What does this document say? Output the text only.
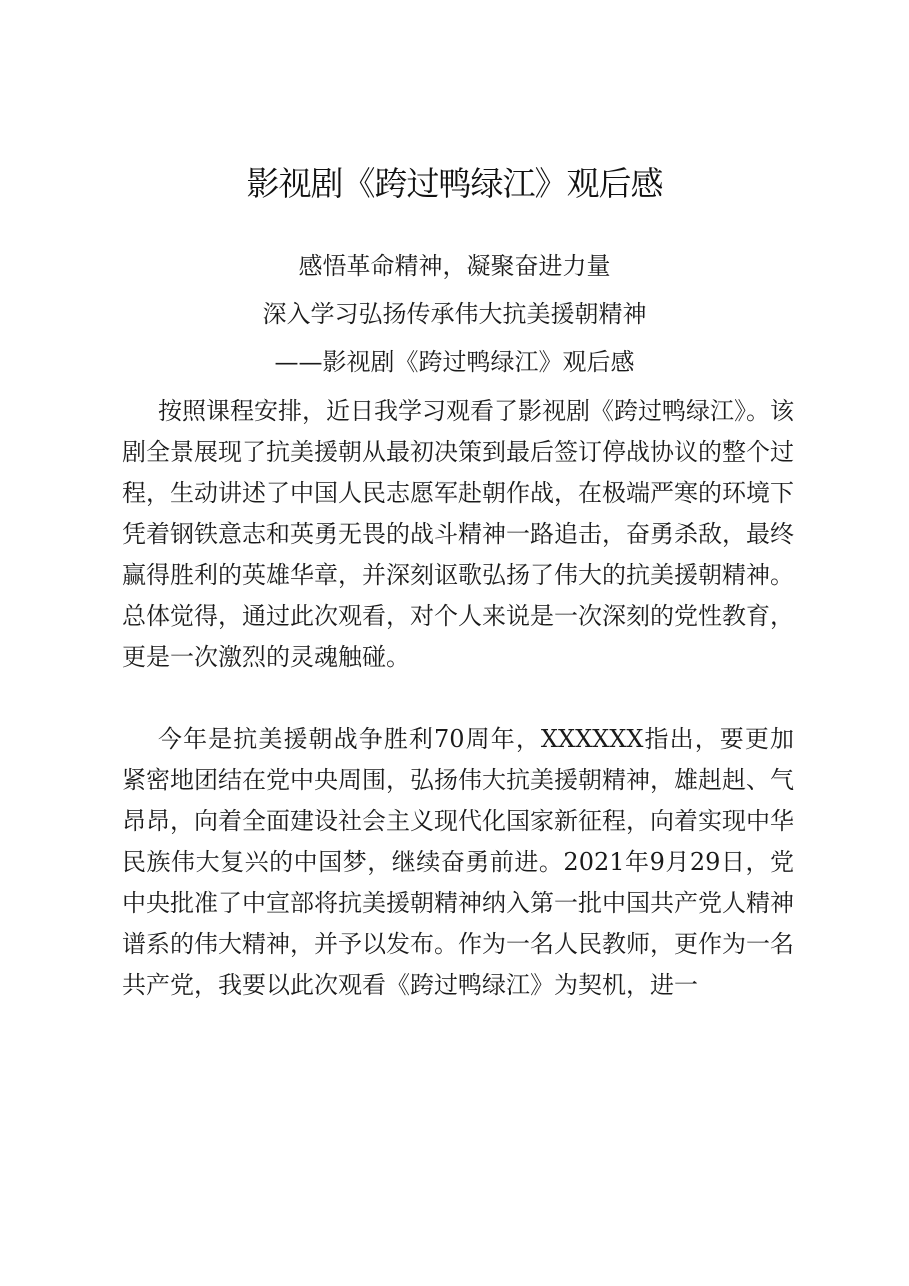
影视剧《跨过鸭绿江》观后感
感悟革命精神，凝聚奋进力量
深入学习弘扬传承伟大抗美援朝精神
——影视剧《跨过鸭绿江》观后感

按照课程安排，近日我学习观看了影视剧《跨过鸭绿江》。该剧全景展现了抗美援朝从最初决策到最后签订停战协议的整个过程，生动讲述了中国人民志愿军赴朝作战，在极端严寒的环境下凭着钢铁意志和英勇无畏的战斗精神一路追击，奋勇杀敌，最终赢得胜利的英雄华章，并深刻讴歌弘扬了伟大的抗美援朝精神。总体觉得，通过此次观看，对个人来说是一次深刻的党性教育，更是一次激烈的灵魂触碰。

今年是抗美援朝战争胜利70周年，XXXXXX指出，要更加紧密地团结在党中央周围，弘扬伟大抗美援朝精神，雄赳赳、气昂昂，向着全面建设社会主义现代化国家新征程，向着实现中华民族伟大复兴的中国梦，继续奋勇前进。2021年9月29日，党中央批准了中宣部将抗美援朝精神纳入第一批中国共产党人精神谱系的伟大精神，并予以发布。作为一名人民教师，更作为一名共产党，我要以此次观看《跨过鸭绿江》为契机，进一
